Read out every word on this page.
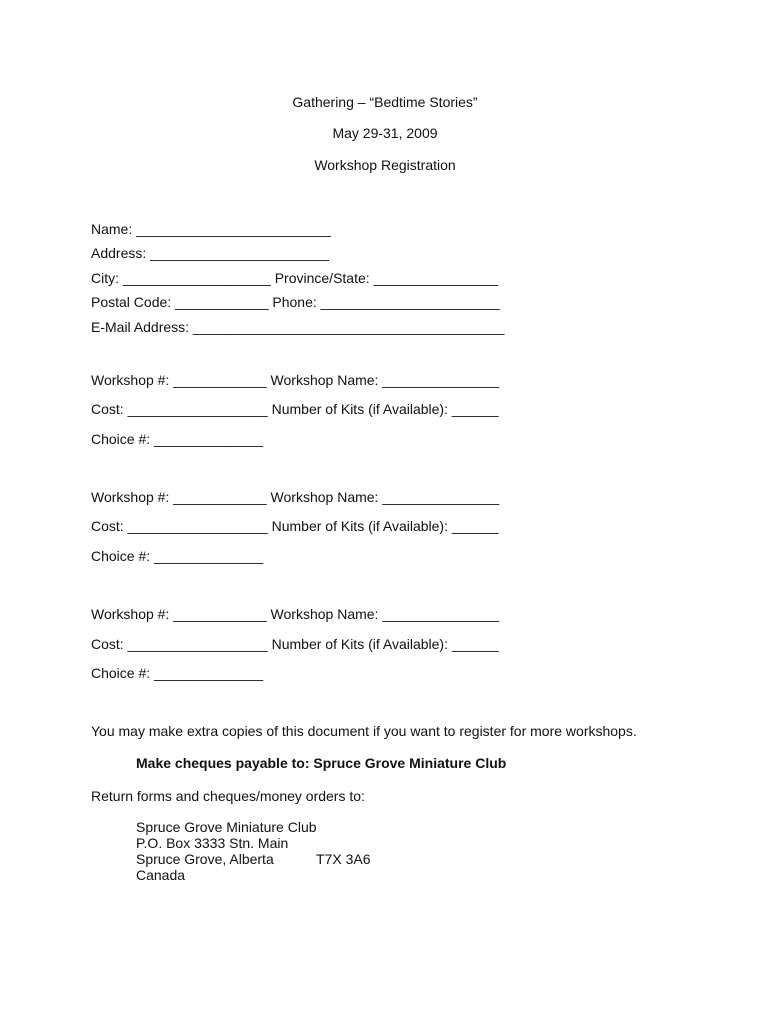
Gathering – “Bedtime Stories”
May 29-31, 2009
Workshop Registration
Name: _________________________
Address: _______________________
City: ___________________ Province/State: ________________
Postal Code: ____________ Phone: _______________________
E-Mail Address: ________________________________________
Workshop #: ____________ Workshop Name: _______________
Cost: __________________ Number of Kits (if Available): ______
Choice #: ______________
Workshop #: ____________ Workshop Name: _______________
Cost: __________________ Number of Kits (if Available): ______
Choice #: ______________
Workshop #: ____________ Workshop Name: _______________
Cost: __________________ Number of Kits (if Available): ______
Choice #: ______________
You may make extra copies of this document if you want to register for more workshops.
Make cheques payable to: Spruce Grove Miniature Club
Return forms and cheques/money orders to:
Spruce Grove Miniature Club
P.O. Box 3333 Stn. Main
Spruce Grove, Alberta	T7X 3A6
Canada
